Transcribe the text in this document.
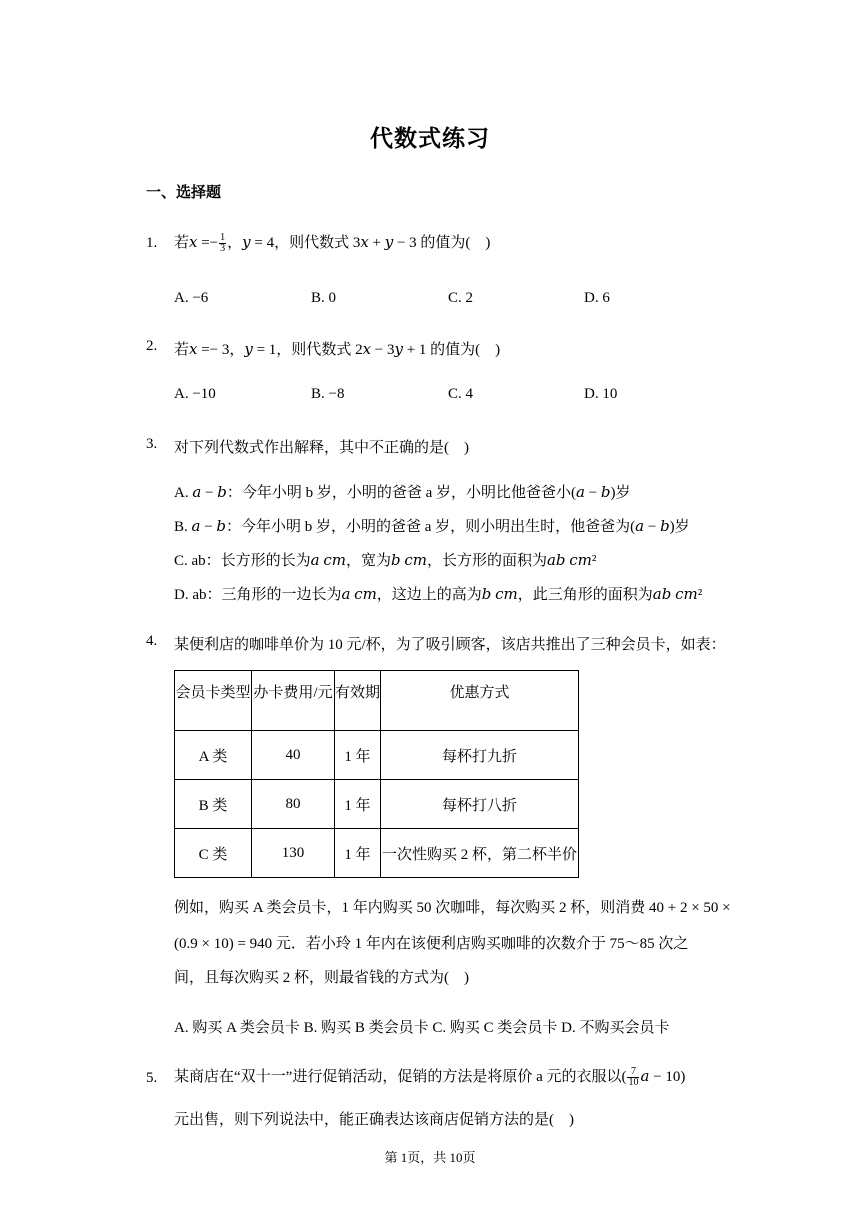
代数式练习
一、选择题
1. 若𝑥 =− $\frac{1}{3}$ ，𝑦 = 4，则代数式 3𝑥 + 𝑦 − 3 的值为(　)
A. −6	B. 0	C. 2	D. 6
2. 若𝑥 =− 3，𝑦 = 1，则代数式 2𝑥 − 3𝑦 + 1 的值为(　)
A. −10	B. −8	C. 4	D. 10
3. 对下列代数式作出解释，其中不正确的是(　)
A. 𝑎 − 𝑏：今年小明 b 岁，小明的爸爸 a 岁，小明比他爸爸小(𝑎 − 𝑏)岁
B. 𝑎 − 𝑏：今年小明 b 岁，小明的爸爸 a 岁，则小明出生时，他爸爸为(𝑎 − 𝑏)岁
C. ab：长方形的长为𝑎 𝑐𝑚，宽为𝑏 𝑐𝑚，长方形的面积为𝑎𝑏 𝑐𝑚²
D. ab：三角形的一边长为𝑎 𝑐𝑚，这边上的高为𝑏 𝑐𝑚，此三角形的面积为𝑎𝑏 𝑐𝑚²
4. 某便利店的咖啡单价为 10 元/杯，为了吸引顾客，该店共推出了三种会员卡，如表：
会员卡类型	办卡费用/元	有效期	优惠方式
A 类	40	1 年	每杯打九折
B 类	80	1 年	每杯打八折
C 类	130	1 年	一次性购买 2 杯，第二杯半价
例如，购买 A 类会员卡，1 年内购买 50 次咖啡，每次购买 2 杯，则消费 40 + 2 × 50 ×
(0.9 × 10) = 940 元．若小玲 1 年内在该便利店购买咖啡的次数介于 75～85 次之
间，且每次购买 2 杯，则最省钱的方式为(　)
A. 购买 A 类会员卡 B. 购买 B 类会员卡 C. 购买 C 类会员卡 D. 不购买会员卡
5. 某商店在“双十一”进行促销活动，促销的方法是将原价 a 元的衣服以( $\frac{7}{10}$ 𝑎 − 10)
元出售，则下列说法中，能正确表达该商店促销方法的是(　)
第 1页，共 10页
